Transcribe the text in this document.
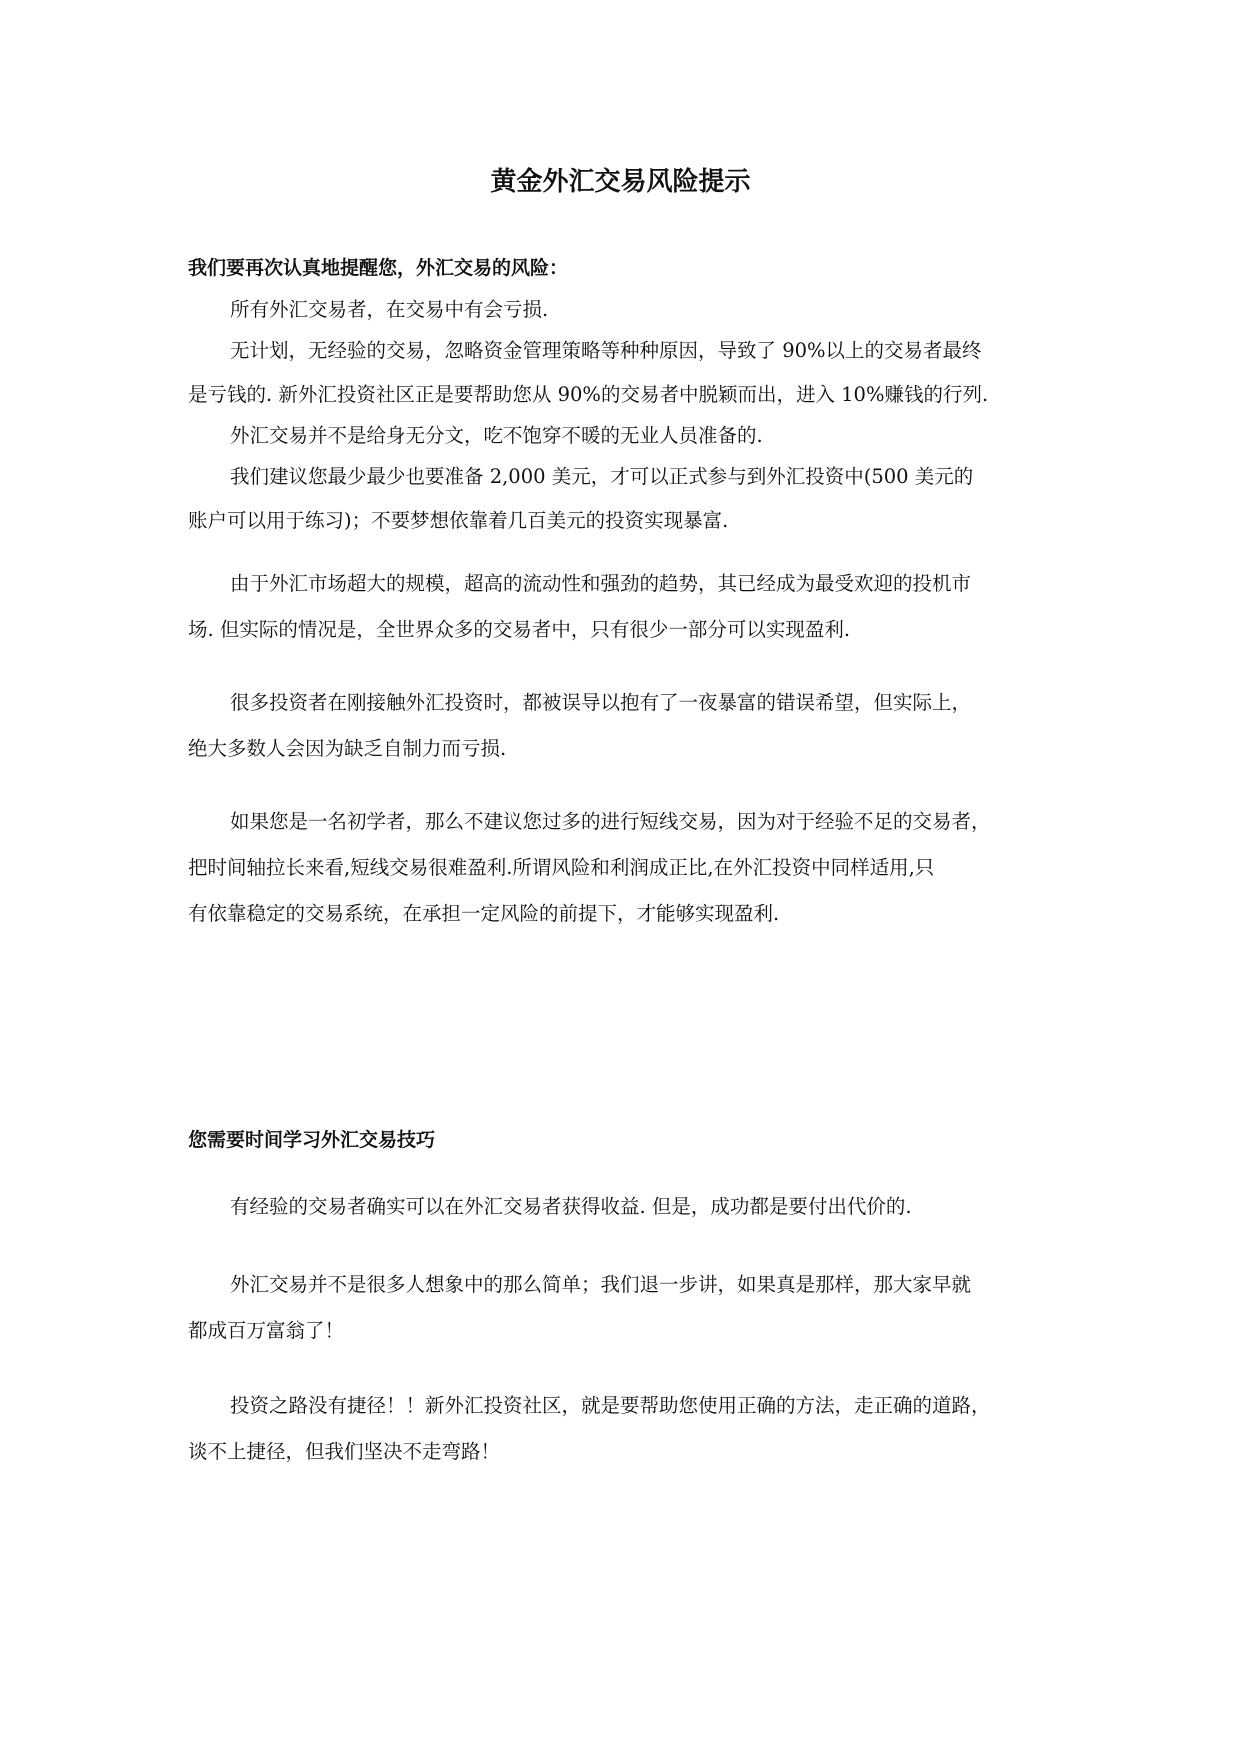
黄金外汇交易风险提示
我们要再次认真地提醒您，外汇交易的风险：
所有外汇交易者，在交易中有会亏损.
无计划，无经验的交易，忽略资金管理策略等种种原因，导致了 90%以上的交易者最终
是亏钱的. 新外汇投资社区正是要帮助您从 90%的交易者中脱颖而出，进入 10%赚钱的行列.
外汇交易并不是给身无分文，吃不饱穿不暖的无业人员准备的.
我们建议您最少最少也要准备 2,000 美元，才可以正式参与到外汇投资中(500 美元的
账户可以用于练习)；不要梦想依靠着几百美元的投资实现暴富.
由于外汇市场超大的规模，超高的流动性和强劲的趋势，其已经成为最受欢迎的投机市
场. 但实际的情况是，全世界众多的交易者中，只有很少一部分可以实现盈利.
很多投资者在刚接触外汇投资时，都被误导以抱有了一夜暴富的错误希望，但实际上，
绝大多数人会因为缺乏自制力而亏损.
如果您是一名初学者，那么不建议您过多的进行短线交易，因为对于经验不足的交易者，
把时间轴拉长来看,短线交易很难盈利.所谓风险和利润成正比,在外汇投资中同样适用,只
有依靠稳定的交易系统，在承担一定风险的前提下，才能够实现盈利.
您需要时间学习外汇交易技巧
有经验的交易者确实可以在外汇交易者获得收益. 但是，成功都是要付出代价的.
外汇交易并不是很多人想象中的那么简单；我们退一步讲，如果真是那样，那大家早就
都成百万富翁了！
投资之路没有捷径！！新外汇投资社区，就是要帮助您使用正确的方法，走正确的道路，
谈不上捷径，但我们坚决不走弯路！
